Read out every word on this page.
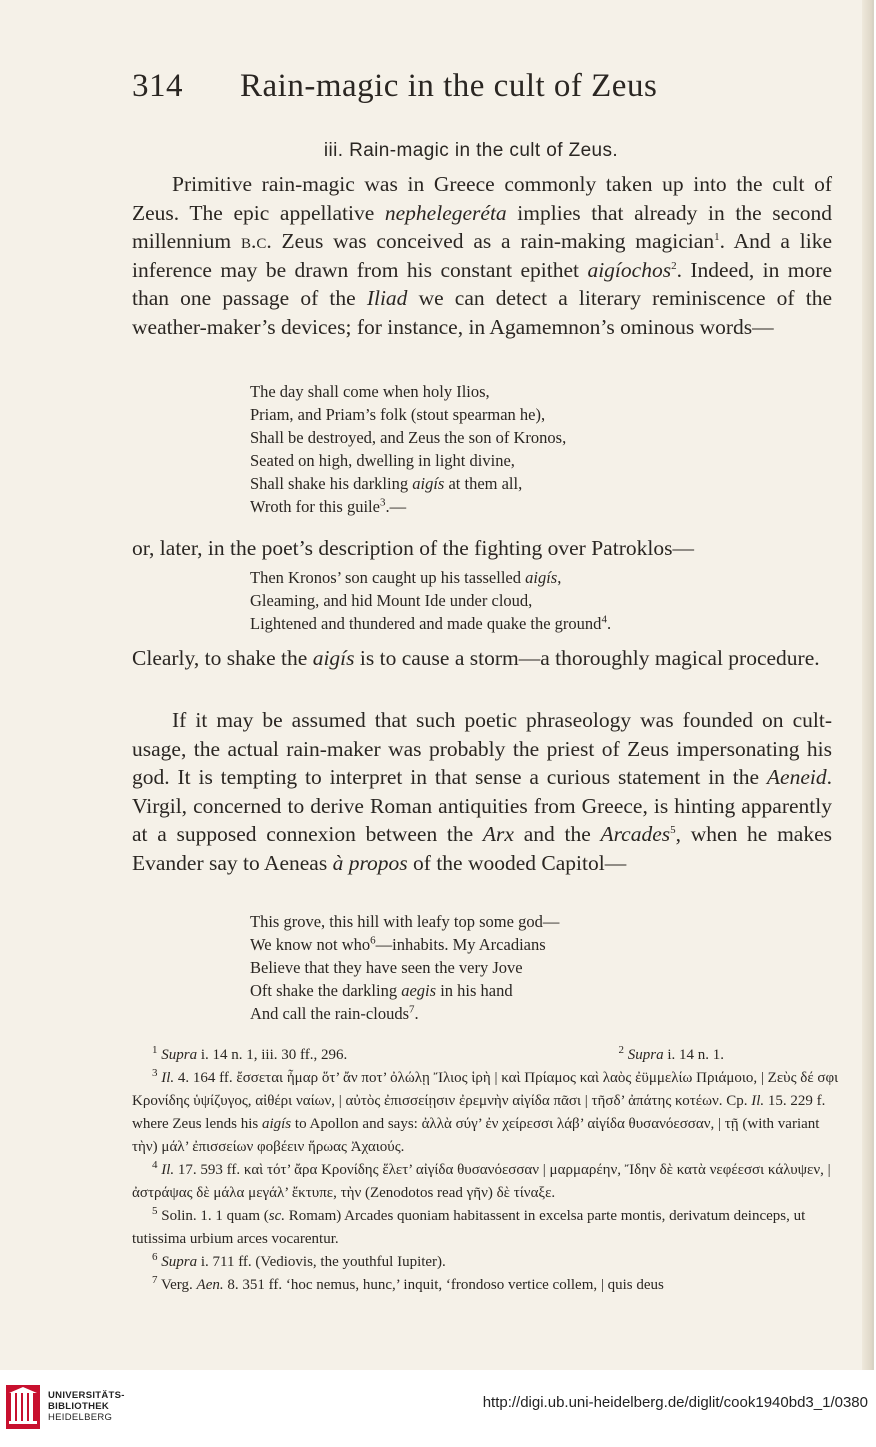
314 Rain-magic in the cult of Zeus
iii. Rain-magic in the cult of Zeus.

Primitive rain-magic was in Greece commonly taken up into the cult of Zeus. The epic appellative nephelegeréta implies that already in the second millennium b.c. Zeus was conceived as a rain-making magician$^1$. And a like inference may be drawn from his constant epithet aigíochos$^2$. Indeed, in more than one passage of the Iliad we can detect a literary reminiscence of the weather-maker’s devices; for instance, in Agamemnon’s ominous words—

The day shall come when holy Ilios,
Priam, and Priam’s folk (stout spearman he),
Shall be destroyed, and Zeus the son of Kronos,
Seated on high, dwelling in light divine,
Shall shake his darkling aigís at them all,
Wroth for this guile$^3$.—
or, later, in the poet’s description of the fighting over Patroklos—
Then Kronos’ son caught up his tasselled aigís,
Gleaming, and hid Mount Ide under cloud,
Lightened and thundered and made quake the ground$^4$.

Clearly, to shake the aigís is to cause a storm—a thoroughly magical procedure.

If it may be assumed that such poetic phraseology was founded on cult-usage, the actual rain-maker was probably the priest of Zeus impersonating his god. It is tempting to interpret in that sense a curious statement in the Aeneid. Virgil, concerned to derive Roman antiquities from Greece, is hinting apparently at a supposed connexion between the Arx and the Arcades$^5$, when he makes Evander say to Aeneas à propos of the wooded Capitol—

This grove, this hill with leafy top some god—
We know not who$^6$—inhabits. My Arcadians
Believe that they have seen the very Jove
Oft shake the darkling aegis in his hand
And call the rain-clouds$^7$.
$^1$ Supra i. 14 n. 1, iii. 30 ff., 296.	$^2$ Supra i. 14 n. 1.

$^3$ Il. 4. 164 ff. ἔσσεται ἦμαρ ὅτ’ ἄν ποτ’ ὀλώλῃ Ἴλιος ἱρὴ | καὶ Πρίαμος καὶ λαὸς ἐϋμμελίω Πριάμοιο, | Ζεὺς δέ σφι Κρονίδης ὑψίζυγος, αἰθέρι ναίων, | αὐτὸς ἐπισσείῃσιν ἐρεμνὴν αἰγίδα πᾶσι | τῆσδ’ ἀπάτης κοτέων. Cp. Il. 15. 229 f. where Zeus lends his aigís to Apollon and says: ἀλλὰ σύγ’ ἐν χείρεσσι λάβ’ αἰγίδα θυσανόεσσαν, | τῇ (with variant τὴν) μάλ’ ἐπισσείων φοβέειν ἥρωας Ἀχαιούς.

$^4$ Il. 17. 593 ff. καὶ τότ’ ἄρα Κρονίδης ἕλετ’ αἰγίδα θυσανόεσσαν | μαρμαρέην, Ἴδην δὲ κατὰ νεφέεσσι κάλυψεν, | ἀστράψας δὲ μάλα μεγάλ’ ἔκτυπε, τὴν (Zenodotos read γῆν) δὲ τίναξε.

$^5$ Solin. 1. 1 quam (sc. Romam) Arcades quoniam habitassent in excelsa parte montis, derivatum deinceps, ut tutissima urbium arces vocarentur.

$^6$ Supra i. 711 ff. (Vediovis, the youthful Iupiter).

$^7$ Verg. Aen. 8. 351 ff. ‘hoc nemus, hunc,’ inquit, ‘frondoso vertice collem, | quis deus

UNIVERSITÄTS-
BIBLIOTHEK
HEIDELBERG
http://digi.ub.uni-heidelberg.de/diglit/cook1940bd3_1/0380
